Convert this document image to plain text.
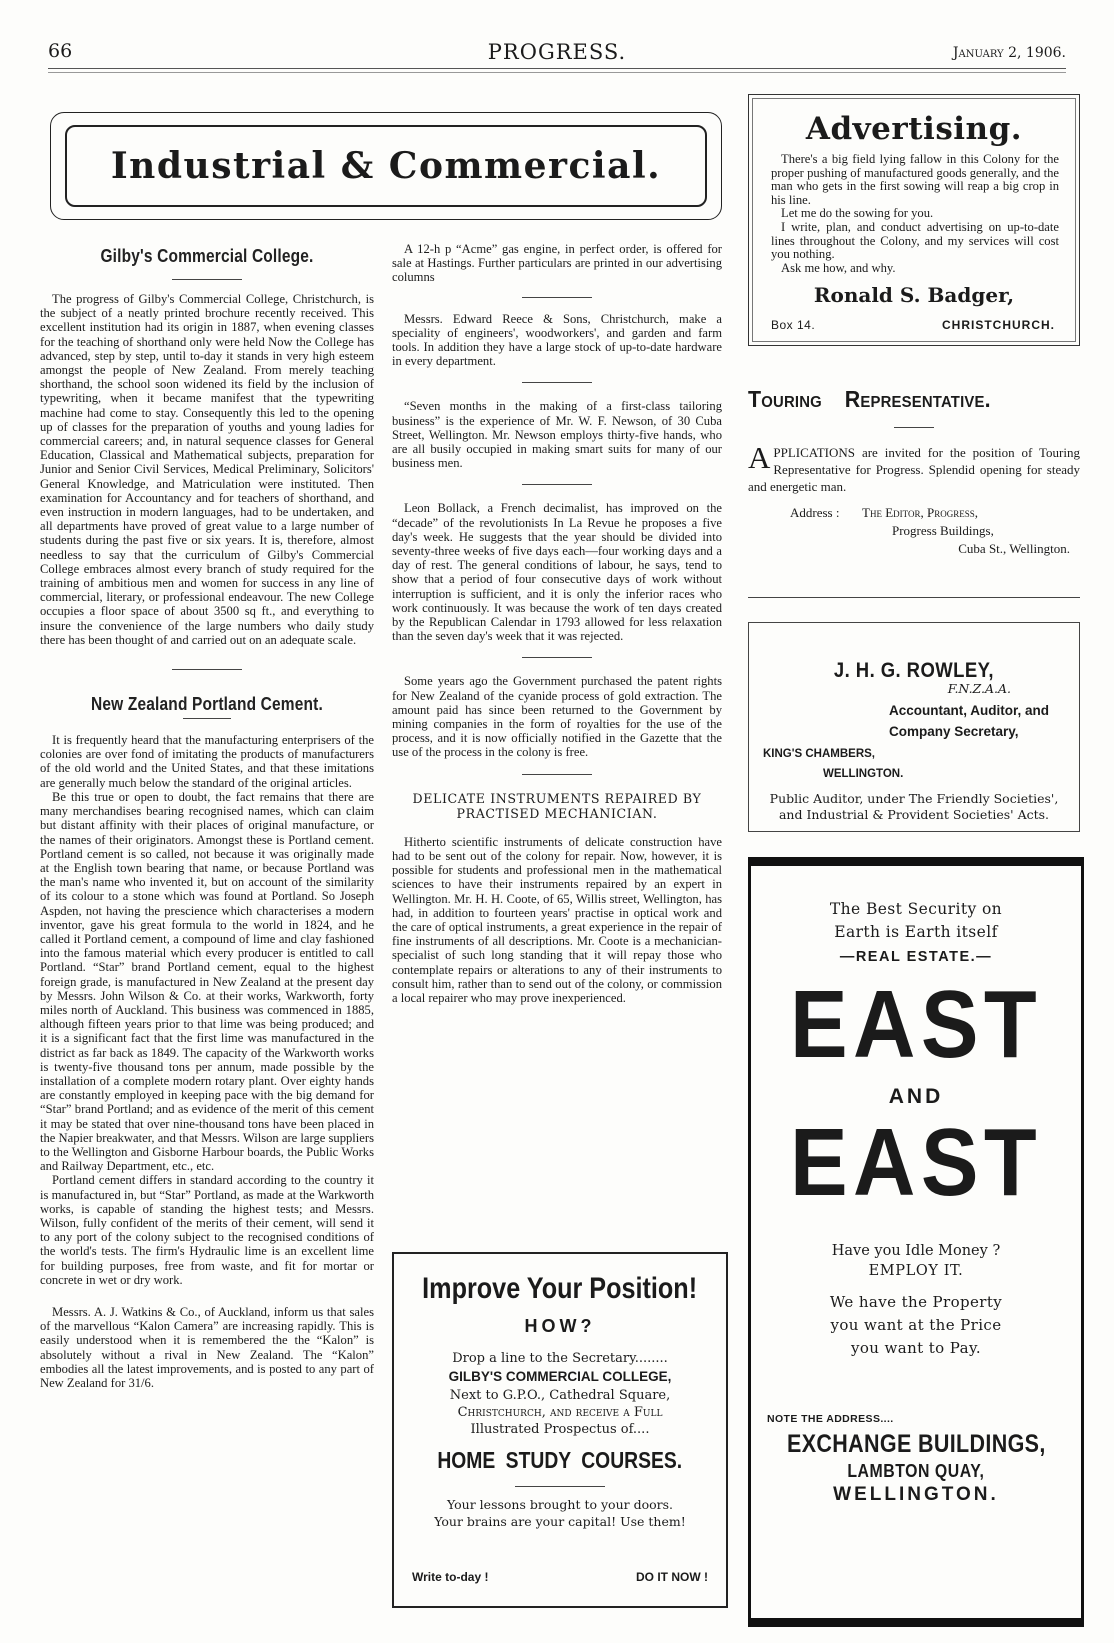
66	PROGRESS.	January 2, 1906.
Industrial & Commercial.
Gilby's Commercial College.

The progress of Gilby's Commercial College, Christchurch, is the subject of a neatly printed brochure recently received. This excellent institution had its origin in 1887, when evening classes for the teaching of shorthand only were held Now the College has advanced, step by step, until to-day it stands in very high esteem amongst the people of New Zealand. From merely teaching shorthand, the school soon widened its field by the inclusion of typewriting, when it became manifest that the typewriting machine had come to stay. Consequently this led to the opening up of classes for the preparation of youths and young ladies for commercial careers; and, in natural sequence classes for General Education, Classical and Mathematical subjects, preparation for Junior and Senior Civil Services, Medical Preliminary, Solicitors' General Knowledge, and Matriculation were instituted. Then examination for Accountancy and for teachers of shorthand, and even instruction in modern languages, had to be undertaken, and all departments have proved of great value to a large number of students during the past five or six years. It is, therefore, almost needless to say that the curriculum of Gilby's Commercial College embraces almost every branch of study required for the training of ambitious men and women for success in any line of commercial, literary, or professional endeavour. The new College occupies a floor space of about 3500 sq ft., and everything to insure the convenience of the large numbers who daily study there has been thought of and carried out on an adequate scale.

New Zealand Portland Cement.

It is frequently heard that the manufacturing enterprisers of the colonies are over fond of imitating the products of manufacturers of the old world and the United States, and that these imitations are generally much below the standard of the original articles.

Be this true or open to doubt, the fact remains that there are many merchandises bearing recognised names, which can claim but distant affinity with their places of original manufacture, or the names of their originators. Amongst these is Portland cement. Portland cement is so called, not because it was originally made at the English town bearing that name, or because Portland was the man's name who invented it, but on account of the similarity of its colour to a stone which was found at Portland. So Joseph Aspden, not having the prescience which characterises a modern inventor, gave his great formula to the world in 1824, and he called it Portland cement, a compound of lime and clay fashioned into the famous material which every producer is entitled to call Portland. “Star” brand Portland cement, equal to the highest foreign grade, is manufactured in New Zealand at the present day by Messrs. John Wilson & Co. at their works, Warkworth, forty miles north of Auckland. This business was commenced in 1885, although fifteen years prior to that lime was being produced; and it is a significant fact that the first lime was manufactured in the district as far back as 1849. The capacity of the Warkworth works is twenty-five thousand tons per annum, made possible by the installation of a complete modern rotary plant. Over eighty hands are constantly employed in keeping pace with the big demand for “Star” brand Portland; and as evidence of the merit of this cement it may be stated that over nine-thousand tons have been placed in the Napier breakwater, and that Messrs. Wilson are large suppliers to the Wellington and Gisborne Harbour boards, the Public Works and Railway Department, etc., etc.

Portland cement differs in standard according to the country it is manufactured in, but “Star” Portland, as made at the Warkworth works, is capable of standing the highest tests; and Messrs. Wilson, fully confident of the merits of their cement, will send it to any port of the colony subject to the recognised conditions of the world's tests. The firm's Hydraulic lime is an excellent lime for building purposes, free from waste, and fit for mortar or concrete in wet or dry work.

Messrs. A. J. Watkins & Co., of Auckland, inform us that sales of the marvellous “Kalon Camera” are increasing rapidly. This is easily understood when it is remembered the the “Kalon” is absolutely without a rival in New Zealand. The “Kalon” embodies all the latest improvements, and is posted to any part of New Zealand for 31/6.

A 12-h p “Acme” gas engine, in perfect order, is offered for sale at Hastings. Further particulars are printed in our advertising columns

Messrs. Edward Reece & Sons, Christchurch, make a speciality of engineers', woodworkers', and garden and farm tools. In addition they have a large stock of up-to-date hardware in every department.

“Seven months in the making of a first-class tailoring business” is the experience of Mr. W. F. Newson, of 30 Cuba Street, Wellington. Mr. Newson employs thirty-five hands, who are all busily occupied in making smart suits for many of our business men.

Leon Bollack, a French decimalist, has improved on the “decade” of the revolutionists In La Revue he proposes a five day's week. He suggests that the year should be divided into seventy-three weeks of five days each—four working days and a day of rest. The general conditions of labour, he says, tend to show that a period of four consecutive days of work without interruption is sufficient, and it is only the inferior races who work continuously. It was because the work of ten days created by the Republican Calendar in 1793 allowed for less relaxation than the seven day's week that it was rejected.

Some years ago the Government purchased the patent rights for New Zealand of the cyanide process of gold extraction. The amount paid has since been returned to the Government by mining companies in the form of royalties for the use of the process, and it is now officially notified in the Gazette that the use of the process in the colony is free.

DELICATE INSTRUMENTS REPAIRED BY PRACTISED MECHANICIAN.

Hitherto scientific instruments of delicate construction have had to be sent out of the colony for repair. Now, however, it is possible for students and professional men in the mathematical sciences to have their instruments repaired by an expert in Wellington. Mr. H. H. Coote, of 65, Willis street, Wellington, has had, in addition to fourteen years' practise in optical work and the care of optical instruments, a great experience in the repair of fine instruments of all descriptions. Mr. Coote is a mechanician-specialist of such long standing that it will repay those who contemplate repairs or alterations to any of their instruments to consult him, rather than to send out of the colony, or commission a local repairer who may prove inexperienced.

Improve Your Position!
HOW?
Drop a line to the Secretary........
GILBY'S COMMERCIAL COLLEGE,
Next to G.P.O., Cathedral Square,
Christchurch, and receive a Full
Illustrated Prospectus of....
HOME STUDY COURSES.
Your lessons brought to your doors.
Your brains are your capital! Use them!
Write to-day !	DO IT NOW !
Advertising.
There's a big field lying fallow in this Colony for the proper pushing of manufactured goods generally, and the man who gets in the first sowing will reap a big crop in his line.
Let me do the sowing for you.
I write, plan, and conduct advertising on up-to-date lines throughout the Colony, and my services will cost you nothing.
Ask me how, and why.
Ronald S. Badger,
Box 14.	CHRISTCHURCH.
Touring Representative.
A PPLICATIONS are invited for the position of Touring Representative for Progress. Splendid opening for steady and energetic man.
Address : The Editor, Progress,
Progress Buildings,
Cuba St., Wellington.
J. H. G. ROWLEY,
F.N.Z.A.A.
Accountant, Auditor, and
Company Secretary,
KING'S CHAMBERS,
WELLINGTON.
Public Auditor, under The Friendly Societies',
and Industrial & Provident Societies' Acts.
The Best Security on
Earth is Earth itself
—REAL ESTATE.—
EAST
AND
EAST
Have you Idle Money ?
EMPLOY IT.
We have the Property
you want at the Price
you want to Pay.
NOTE THE ADDRESS....
EXCHANGE BUILDINGS,
LAMBTON QUAY,
WELLINGTON.
